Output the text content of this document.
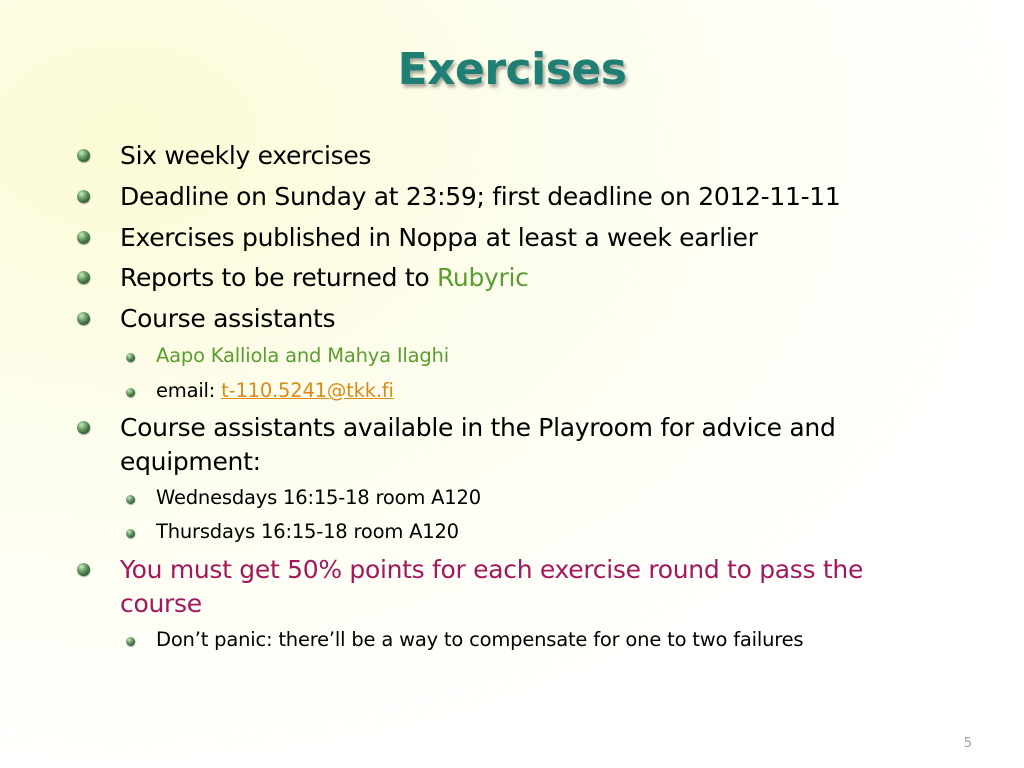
Exercises
Six weekly exercises
Deadline on Sunday at 23:59; first deadline on 2012-11-11
Exercises published in Noppa at least a week earlier
Reports to be returned to Rubyric
Course assistants
Aapo Kalliola and Mahya Ilaghi
email: t-110.5241@tkk.fi
Course assistants available in the Playroom for advice and
equipment:
Wednesdays 16:15-18 room A120
Thursdays 16:15-18 room A120
You must get 50% points for each exercise round to pass the
course
Don’t panic: there’ll be a way to compensate for one to two failures
5
